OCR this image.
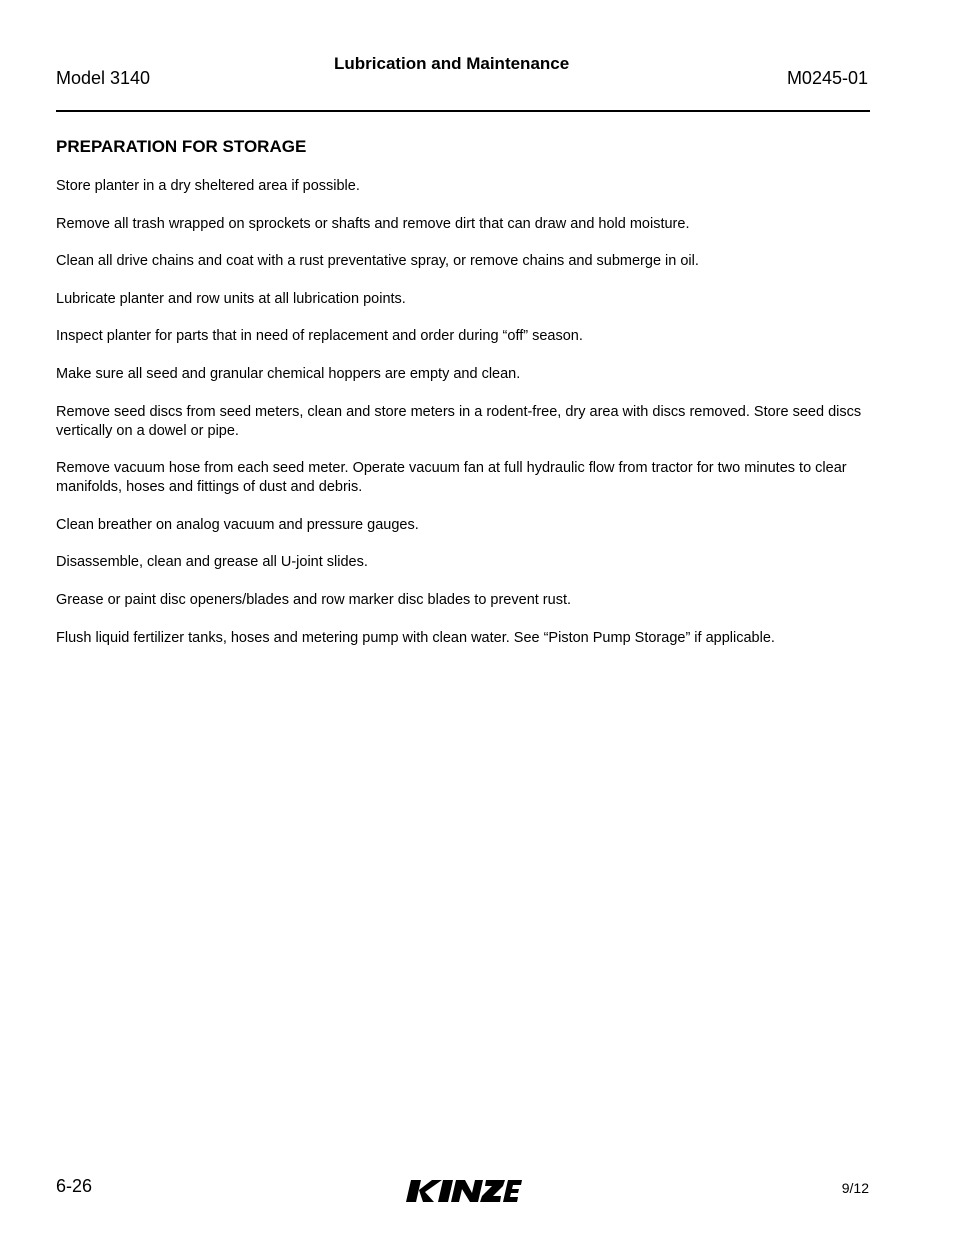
Model 3140
Lubrication and Maintenance
M0245-01
PREPARATION FOR STORAGE
Store planter in a dry sheltered area if possible.
Remove all trash wrapped on sprockets or shafts and remove dirt that can draw and hold moisture.
Clean all drive chains and coat with a rust preventative spray, or remove chains and submerge in oil.
Lubricate planter and row units at all lubrication points.
Inspect planter for parts that in need of replacement and order during “off” season.
Make sure all seed and granular chemical hoppers are empty and clean.
Remove seed discs from seed meters, clean and store meters in a rodent-free, dry area with discs removed. Store seed discs vertically on a dowel or pipe.
Remove vacuum hose from each seed meter. Operate vacuum fan at full hydraulic flow from tractor for two minutes to clear manifolds, hoses and fittings of dust and debris.
Clean breather on analog vacuum and pressure gauges.
Disassemble, clean and grease all U-joint slides.
Grease or paint disc openers/blades and row marker disc blades to prevent rust.
Flush liquid fertilizer tanks, hoses and metering pump with clean water. See “Piston Pump Storage” if applicable.
6-26	9/12
